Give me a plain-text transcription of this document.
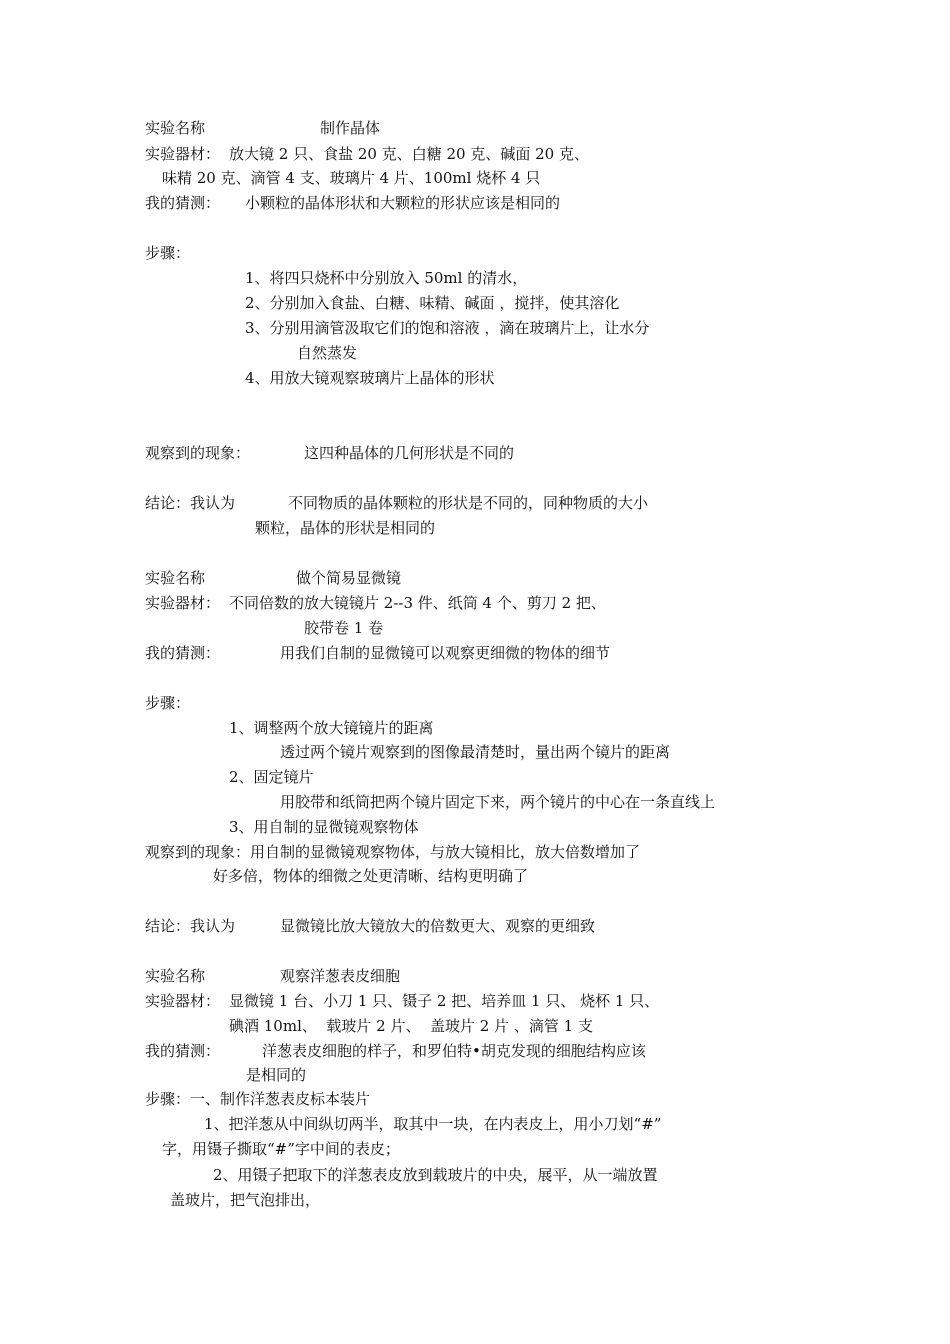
实验名称	制作晶体
实验器材： 放大镜 2 只、食盐 20 克、白糖 20 克、碱面 20 克、
味精 20 克、滴管 4 支、玻璃片 4 片、100ml 烧杯 4 只
我的猜测： 小颗粒的晶体形状和大颗粒的形状应该是相同的
步骤：
1、将四只烧杯中分别放入 50ml 的清水，
2、分别加入食盐、白糖、味精、碱面 ，搅拌，使其溶化
3、分别用滴管汲取它们的饱和溶液 ，滴在玻璃片上，让水分
自然蒸发
4、用放大镜观察玻璃片上晶体的形状
观察到的现象：	这四种晶体的几何形状是不同的
结论：我认为	不同物质的晶体颗粒的形状是不同的，同种物质的大小
颗粒，晶体的形状是相同的
实验名称	做个简易显微镜
实验器材： 不同倍数的放大镜镜片 2--3 件、纸筒 4 个、剪刀 2 把、
胶带卷 1 卷
我的猜测：	用我们自制的显微镜可以观察更细微的物体的细节
步骤：
1、调整两个放大镜镜片的距离
透过两个镜片观察到的图像最清楚时，量出两个镜片的距离
2、固定镜片
用胶带和纸筒把两个镜片固定下来，两个镜片的中心在一条直线上
3、用自制的显微镜观察物体
观察到的现象：用自制的显微镜观察物体，与放大镜相比，放大倍数增加了
好多倍，物体的细微之处更清晰、结构更明确了
结论：我认为	显微镜比放大镜放大的倍数更大、观察的更细致
实验名称	观察洋葱表皮细胞
实验器材： 显微镜 1 台、小刀 1 只、镊子 2 把、培养皿 1 只、 烧杯 1 只、
碘酒 10ml、  载玻片 2 片、  盖玻片 2 片 、滴管 1 支
我的猜测：	洋葱表皮细胞的样子，和罗伯特•胡克发现的细胞结构应该
是相同的
步骤：一、制作洋葱表皮标本装片
1、把洋葱从中间纵切两半，取其中一块，在内表皮上，用小刀划“#”
字，用镊子撕取“#”字中间的表皮；
2、用镊子把取下的洋葱表皮放到载玻片的中央，展平，从一端放置
盖玻片，把气泡排出，
